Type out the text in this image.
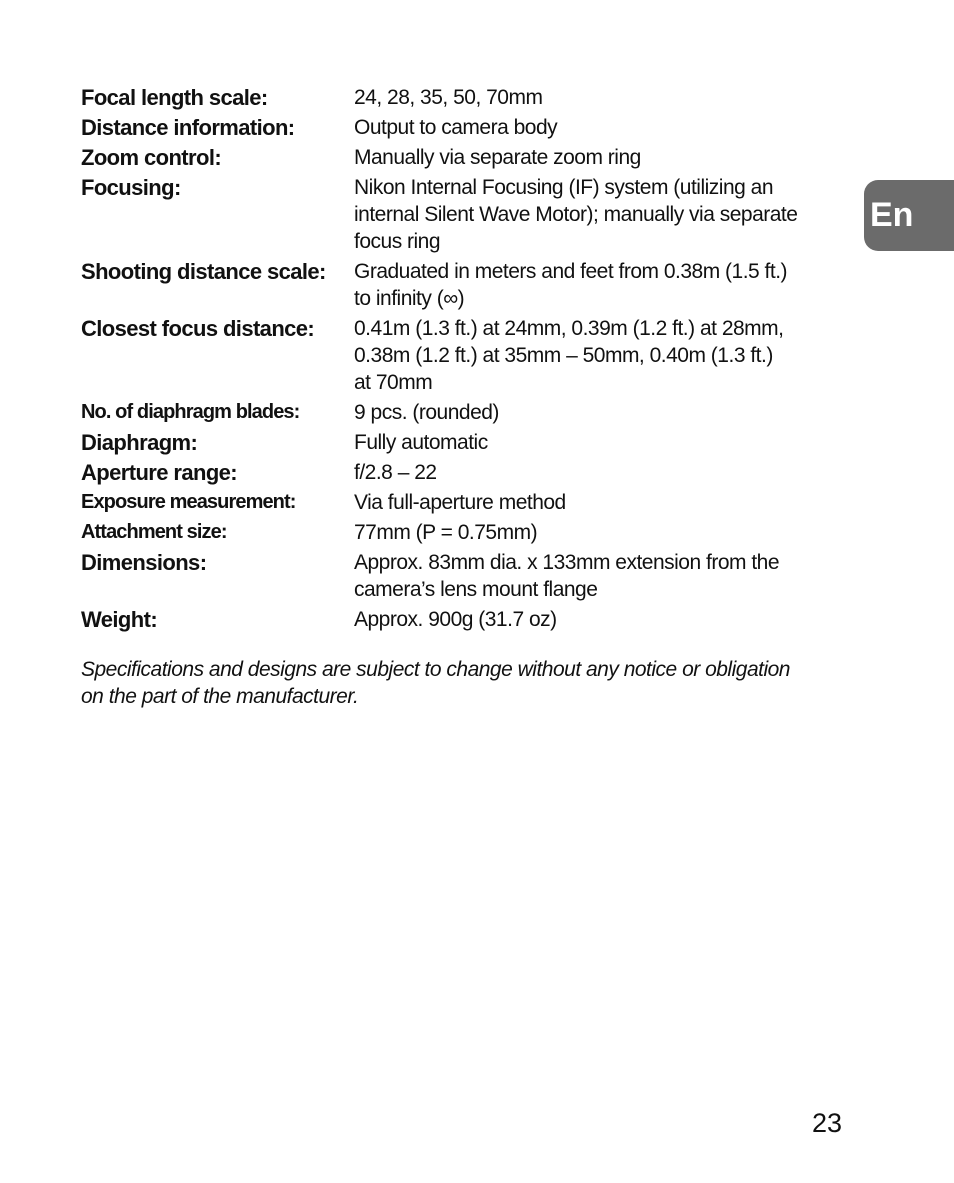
Focal length scale:	24, 28, 35, 50, 70mm
Distance information:	Output to camera body
Zoom control:	Manually via separate zoom ring
Focusing:	Nikon Internal Focusing (IF) system (utilizing an
internal Silent Wave Motor); manually via separate
focus ring
Shooting distance scale:	Graduated in meters and feet from 0.38m (1.5 ft.)
to infinity (∞)
Closest focus distance:	0.41m (1.3 ft.) at 24mm, 0.39m (1.2 ft.) at 28mm,
0.38m (1.2 ft.) at 35mm – 50mm, 0.40m (1.3 ft.)
at 70mm
No. of diaphragm blades:	9 pcs. (rounded)
Diaphragm:	Fully automatic
Aperture range:	f/2.8 – 22
Exposure measurement:	Via full-aperture method
Attachment size:	77mm (P = 0.75mm)
Dimensions:	Approx. 83mm dia. x 133mm extension from the
camera’s lens mount flange
Weight:	Approx. 900g (31.7 oz)
Specifications and designs are subject to change without any notice or obligation
on the part of the manufacturer.
En
23
